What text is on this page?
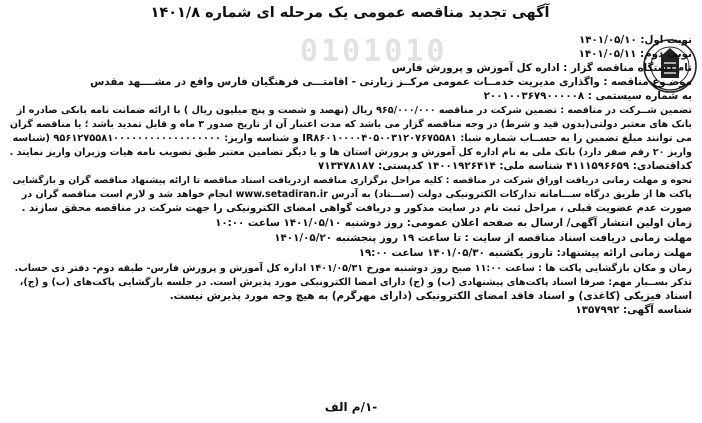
0101010
آگهی تجدید مناقصه عمومی یک مرحله ای شماره ۱۴۰۱/۸
نوبت اول: ۱۴۰۱/۰۵/۱۰
نوبت دوم: ۱۴۰۱/۰۵/۱۱
نام دستگاه مناقصه گزار : اداره کل آموزش و پرورش فارس
موضـوع مناقصه : واگذاری مدیریت خدمــات عمومی مرکــز زیارتی - اقامتـــی فرهنگیان فارس واقع در مشــــهد مقدس
به شماره سیستمی : ۲۰۰۱۰۰۳۶۷۹۰۰۰۰۰۸
تضمین شــرکت در مناقصه : تضمین شرکت در مناقصه ۹۶۵/۰۰۰/۰۰۰ ریال (نهصد و شصت و پنج میلیون ریال ) با ارائه ضمانت نامه بانکی صادره از
بانک های معتبر دولتی(بدون قید و شرط) در وجه مناقصه گزار می باشد که مدت اعتبار آن از تاریخ صدور ۳ ماه و قابل تمدید باشد ؛ یا مناقصه گران
می توانند مبلغ تضمین را به حســاب شماره شبا: IR۸۶۰۱۰۰۰۰۴۰۵۰۰۳۱۲۰۷۶۷۵۵۸۱ و شناسه واریز: ۹۵۶۱۲۷۵۵۸۱۰۰۰۰۰۰۰۰۰۰۰۰۰۰۰۰۰۰ (شناسه
واریز ۲۰ رقم صفر دارد) بانک ملی به نام اداره کل آموزش و پرورش استان ها و یا دیگر تضامین معتبر طبق تصویب نامه هیات وزیران واریز نمایند .
کداقتصادی: ۴۱۱۱۵۹۶۶۵۹ شناسه ملی: ۱۴۰۰۱۹۲۶۴۱۴ کدپستی: ۷۱۳۴۷۸۱۸۷
نحوه و مهلت زمانی دریافت اوراق شرکت در مناقصه : کلیه مراحل برگزاری مناقصه ازدریافت اسناد مناقصه تا ارائه پیشنهاد مناقصه گران و بازگشایی
پاکت ها از طریق درگاه ســـامانه تدارکات الکترونیکی دولت (ســـتاد) به آدرس www.setadiran.ir انجام خواهد شد و لازم است مناقصه گران در
صورت عدم عضویت قبلی ، مراحل ثبت نام در سایت مذکور و دریافت گواهی امضای الکترونیکی را جهت شرکت در مناقصه محقق سازند .
زمان اولین انتشار آگهی/ ارسال به صفحه اعلان عمومی: روز دوشنبه ۱۴۰۱/۰۵/۱۰ ساعت ۱۰:۰۰
مهلت زمانی دریافت اسناد مناقصه از سایت : تا ساعت ۱۹ روز پنجشنبه ۱۴۰۱/۰۵/۲۰
مهلت زمانی ارائه پیشنهاد: تاروز یکشنبه ۱۴۰۱/۰۵/۳۰ ساعت ۱۹:۰۰
زمان و مکان بازگشایی پاکت ها : ساعت ۱۱:۰۰ صبح روز دوشنبه مورخ ۱۴۰۱/۰۵/۳۱ اداره کل آموزش و پرورش فارس- طبقه دوم- دفتر ذی حساب.
تذکر بســیار مهم: صرفا اسناد پاکت‌های پیشنهادی (ب) و (ج) دارای امضا الکترونیکی مورد پذیرش است. در جلسه بازگشایی پاکت‌های (ب) و (ج)،
اسناد فیزیکی (کاغذی) و اسناد فاقد امضای الکترونیکی (دارای مهرگرم) به هیچ وجه مورد پذیرش نیست.
شناسه آگهی: ۱۳۵۷۹۹۲
-۱/م الف
